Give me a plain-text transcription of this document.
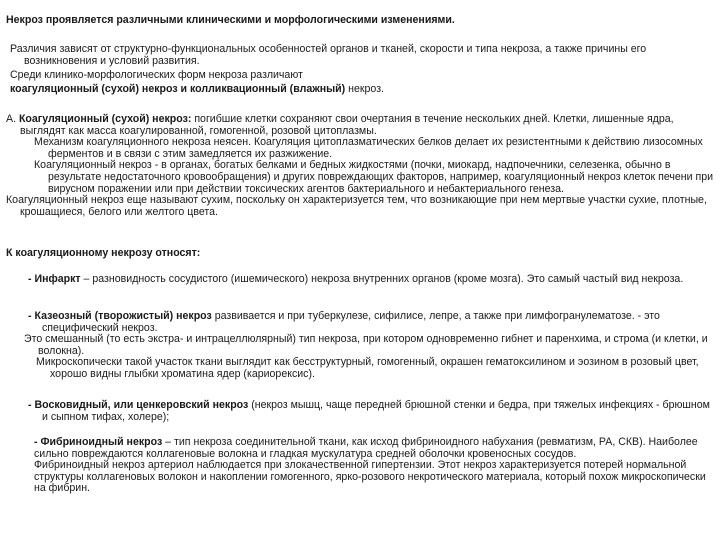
Некроз проявляется различными клиническими и морфологическими изменениями.

Различия зависят от структурно-функциональных особенностей органов и тканей, скорости и типа некроза, а также причины его возникновения и условий развития.

Среди клинико-морфологических форм некроза различают

коагуляционный (сухой) некроз и колликвационный (влажный) некроз.

А. Коагуляционный (сухой) некроз: погибшие клетки сохраняют свои очертания в течение нескольких дней. Клетки, лишенные ядра, выглядят как масса коагулированной, гомогенной, розовой цитоплазмы.

Механизм коагуляционного некроза неясен. Коагуляция цитоплазматических белков делает их резистентными к действию лизосомных ферментов и в связи с этим замедляется их разжижение.

Коагуляционный некроз - в органах, богатых белками и бедных жидкостями (почки, миокард, надпочечники, селезенка, обычно в результате недостаточного кровообращения) и других повреждающих факторов, например, коагуляционный некроз клеток печени при вирусном поражении или при действии токсических агентов бактериального и небактериального генеза.

Коагуляционный некроз еще называют сухим, поскольку он характеризуется тем, что возникающие при нем мертвые участки сухие, плотные, крошащиеся, белого или желтого цвета.

К коагуляционному некрозу относят:

- Инфаркт – разновидность сосудистого (ишемического) некроза внутренних органов (кроме мозга). Это самый частый вид некроза.

- Казеозный (творожистый) некроз развивается и при туберкулезе, сифилисе, лепре, а также при лимфогранулематозе. - это специфический некроз.

Это смешанный (то есть экстра- и интрацеллюлярный) тип некроза, при котором одновременно гибнет и паренхима, и строма (и клетки, и волокна).

Микроскопически такой участок ткани выглядит как бесструктурный, гомогенный, окрашен гематоксилином и эозином в розовый цвет, хорошо видны глыбки хроматина ядер (кариорексис).

- Восковидный, или ценкеровский некроз (некроз мышц, чаще передней брюшной стенки и бедра, при тяжелых инфекциях - брюшном и сыпном тифах, холере);

- Фибриноидный некроз – тип некроза соединительной ткани, как исход фибриноидного набухания (ревматизм, РА, СКВ). Наиболее сильно повреждаются коллагеновые волокна и гладкая мускулатура средней оболочки кровеносных сосудов.

Фибриноидный некроз артериол наблюдается при злокачественной гипертензии. Этот некроз характеризуется потерей нормальной структуры коллагеновых волокон и накоплении гомогенного, ярко-розового некротического материала, который похож микроскопически на фибрин.
